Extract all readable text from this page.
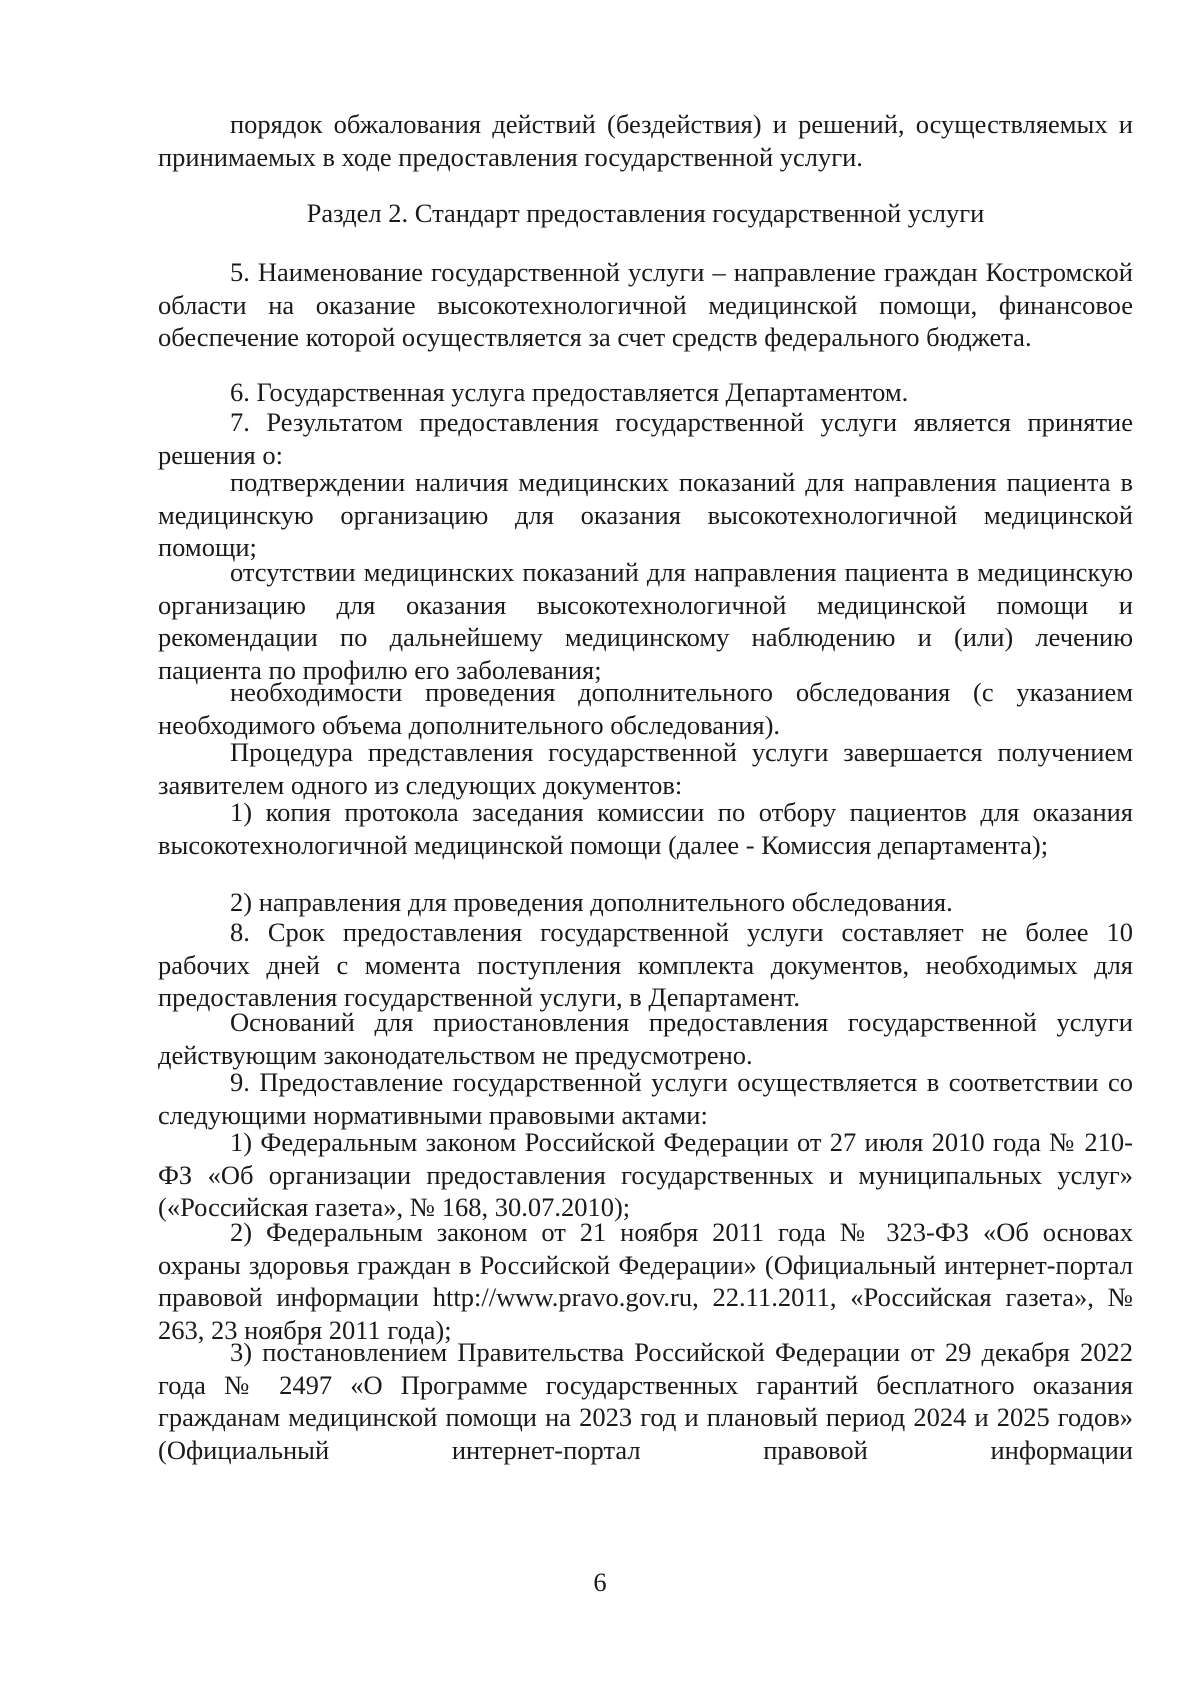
порядок обжалования действий (бездействия) и решений, осуществляемых и принимаемых в ходе предоставления государственной услуги.
Раздел 2. Стандарт предоставления государственной услуги
5. Наименование государственной услуги – направление граждан Костромской области на оказание высокотехнологичной медицинской помощи, финансовое обеспечение которой осуществляется за счет средств федерального бюджета.
6. Государственная услуга предоставляется Департаментом.
7. Результатом предоставления государственной услуги является принятие решения о:
подтверждении наличия медицинских показаний для направления пациента в медицинскую организацию для оказания высокотехнологичной медицинской помощи;
отсутствии медицинских показаний для направления пациента в медицинскую организацию для оказания высокотехнологичной медицинской помощи и рекомендации по дальнейшему медицинскому наблюдению и (или) лечению пациента по профилю его заболевания;
необходимости проведения дополнительного обследования (с указанием необходимого объема дополнительного обследования).
Процедура представления государственной услуги завершается получением заявителем одного из следующих документов:
1) копия протокола заседания комиссии по отбору пациентов для оказания высокотехнологичной медицинской помощи (далее - Комиссия департамента);
2) направления для проведения дополнительного обследования.
8. Срок предоставления государственной услуги составляет не более 10 рабочих дней с момента поступления комплекта документов, необходимых для предоставления государственной услуги, в Департамент.
Оснований для приостановления предоставления государственной услуги действующим законодательством не предусмотрено.
9. Предоставление государственной услуги осуществляется в соответствии со следующими нормативными правовыми актами:
1) Федеральным законом Российской Федерации от 27 июля 2010 года № 210-ФЗ «Об организации предоставления государственных и муниципальных услуг» («Российская газета», № 168, 30.07.2010);
2) Федеральным законом от 21 ноября 2011 года № 323-ФЗ «Об основах охраны здоровья граждан в Российской Федерации» (Официальный интернет-портал правовой информации http://www.pravo.gov.ru, 22.11.2011, «Российская газета», № 263, 23 ноября 2011 года);
3) постановлением Правительства Российской Федерации от 29 декабря 2022 года № 2497 «О Программе государственных гарантий бесплатного оказания гражданам медицинской помощи на 2023 год и плановый период 2024 и 2025 годов» (Официальный интернет-портал правовой информации
6
